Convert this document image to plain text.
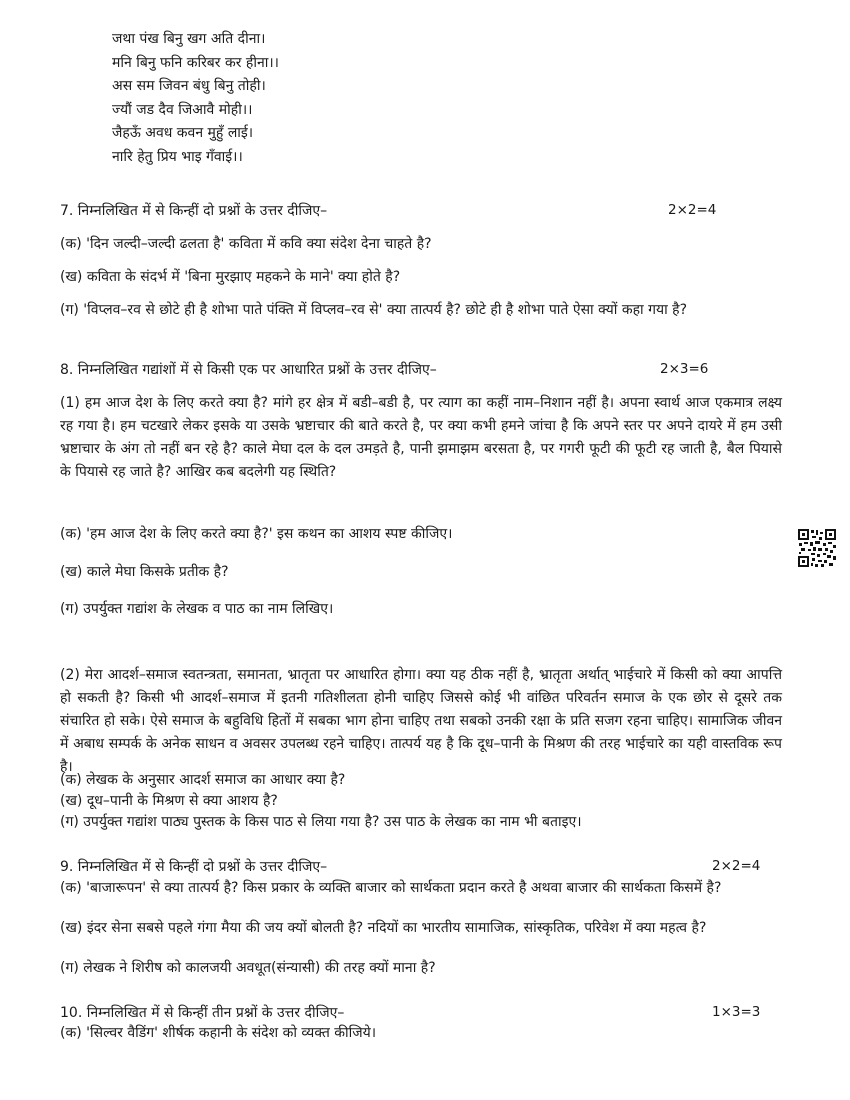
जथा पंख बिनु खग अति दीना।
मनि बिनु फनि करिबर कर हीना।।
अस सम जिवन बंधु बिनु तोही।
ज्यौं जड दैव जिआवै मोही।।
जैहऊँ अवध कवन मुहुँ लाई।
नारि हेतु प्रिय भाइ गँवाई।।
7. निम्नलिखित में से किन्हीं दो प्रश्नों के उत्तर दीजिए–	2×2=4
(क) 'दिन जल्दी–जल्दी ढलता है' कविता में कवि क्या संदेश देना चाहते है?
(ख) कविता के संदर्भ में 'बिना मुरझाए महकने के माने' क्या होते है?
(ग) 'विप्लव–रव से छोटे ही है शोभा पाते पंक्ति में विप्लव–रव से' क्या तात्पर्य है? छोटे ही है शोभा पाते ऐसा क्यों कहा गया है?
8. निम्नलिखित गद्यांशों में से किसी एक पर आधारित प्रश्नों के उत्तर दीजिए–	2×3=6
(1) हम आज देश के लिए करते क्या है? मांगे हर क्षेत्र में बडी–बडी है, पर त्याग का कहीं नाम–निशान नहीं है। अपना स्वार्थ आज एकमात्र लक्ष्य रह गया है। हम चटखारे लेकर इसके या उसके भ्रष्टाचार की बाते करते है, पर क्या कभी हमने जांचा है कि अपने स्तर पर अपने दायरे में हम उसी भ्रष्टाचार के अंग तो नहीं बन रहे है? काले मेघा दल के दल उमड़ते है, पानी झमाझम बरसता है, पर गगरी फूटी की फूटी रह जाती है, बैल पियासे के पियासे रह जाते है? आखिर कब बदलेगी यह स्थिति?
(क) 'हम आज देश के लिए करते क्या है?' इस कथन का आशय स्पष्ट कीजिए।
(ख) काले मेघा किसके प्रतीक है?
(ग) उपर्युक्त गद्यांश के लेखक व पाठ का नाम लिखिए।
(2) मेरा आदर्श–समाज स्वतन्त्रता, समानता, भ्रातृता पर आधारित होगा। क्या यह ठीक नहीं है, भ्रातृता अर्थात् भाईचारे में किसी को क्या आपत्ति हो सकती है? किसी भी आदर्श–समाज में इतनी गतिशीलता होनी चाहिए जिससे कोई भी वांछित परिवर्तन समाज के एक छोर से दूसरे तक संचारित हो सके। ऐसे समाज के बहुविधि हितों में सबका भाग होना चाहिए तथा सबको उनकी रक्षा के प्रति सजग रहना चाहिए। सामाजिक जीवन में अबाध सम्पर्क के अनेक साधन व अवसर उपलब्ध रहने चाहिए। तात्पर्य यह है कि दूध–पानी के मिश्रण की तरह भाईचारे का यही वास्तविक रूप है।
(क) लेखक के अनुसार आदर्श समाज का आधार क्या है?
(ख) दूध–पानी के मिश्रण से क्या आशय है?
(ग) उपर्युक्त गद्यांश पाठ्य पुस्तक के किस पाठ से लिया गया है? उस पाठ के लेखक का नाम भी बताइए।
9. निम्नलिखित में से किन्हीं दो प्रश्नों के उत्तर दीजिए–	2×2=4
(क) 'बाजारूपन' से क्या तात्पर्य है? किस प्रकार के व्यक्ति बाजार को सार्थकता प्रदान करते है अथवा बाजार की सार्थकता किसमें है?
(ख) इंदर सेना सबसे पहले गंगा मैया की जय क्यों बोलती है? नदियों का भारतीय सामाजिक, सांस्कृतिक, परिवेश में क्या महत्व है?
(ग) लेखक ने शिरीष को कालजयी अवधूत(संन्यासी) की तरह क्यों माना है?
10. निम्नलिखित में से किन्हीं तीन प्रश्नों के उत्तर दीजिए–	1×3=3
(क) 'सिल्वर वैडिंग' शीर्षक कहानी के संदेश को व्यक्त कीजिये।
